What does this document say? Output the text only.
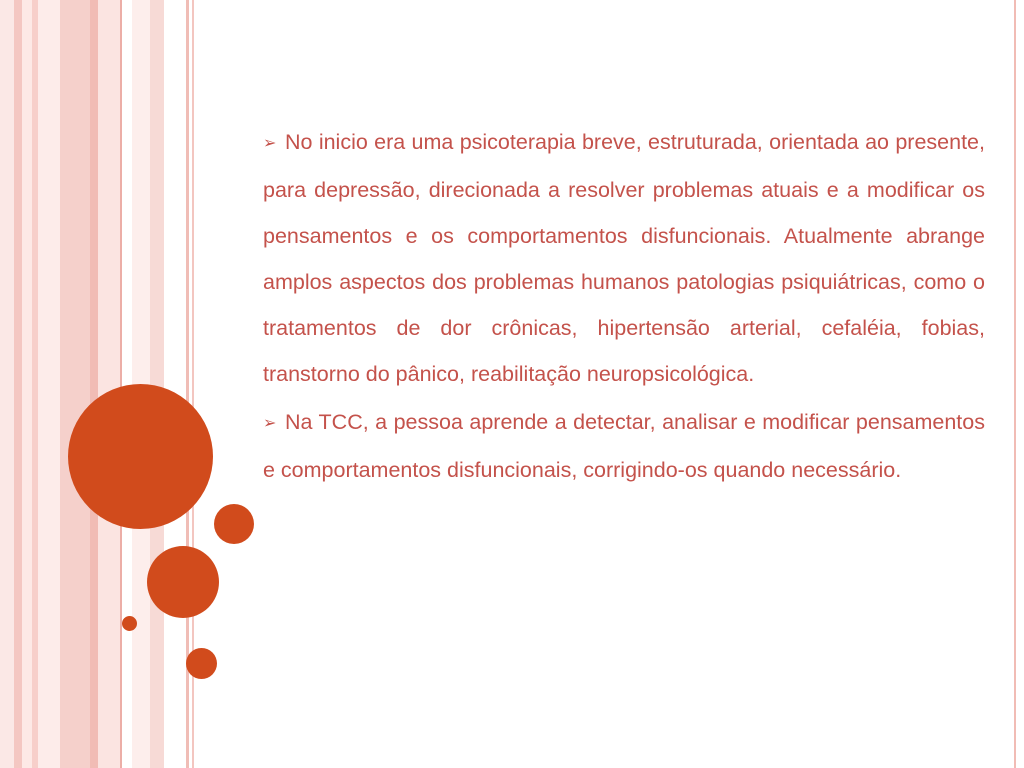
➢ No inicio era uma psicoterapia breve, estruturada, orientada ao presente, para depressão, direcionada a resolver problemas atuais e a modificar os pensamentos e os comportamentos disfuncionais. Atualmente abrange amplos aspectos dos problemas humanos patologias psiquiátricas, como o tratamentos de dor crônicas, hipertensão arterial, cefaléia, fobias, transtorno do pânico, reabilitação neuropsicológica.

➢ Na TCC, a pessoa aprende a detectar, analisar e modificar pensamentos e comportamentos disfuncionais, corrigindo-os quando necessário.
